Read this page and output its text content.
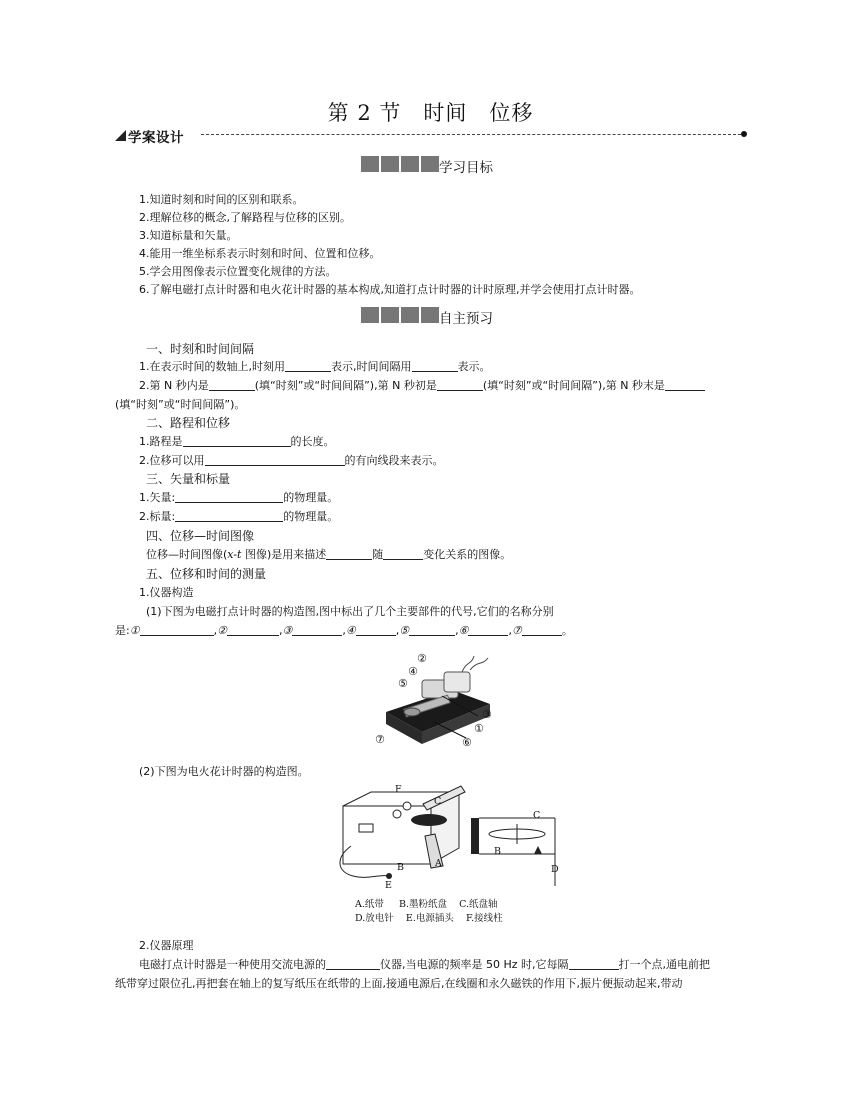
第 2 节　时间　位移
学案设计
学习目标
1.知道时刻和时间的区别和联系。
2.理解位移的概念,了解路程与位移的区别。
3.知道标量和矢量。
4.能用一维坐标系表示时刻和时间、位置和位移。
5.学会用图像表示位置变化规律的方法。
6.了解电磁打点计时器和电火花计时器的基本构成,知道打点计时器的计时原理,并学会使用打点计时器。
自主预习
一、时刻和时间间隔
1.在表示时间的数轴上,时刻用	表示,时间间隔用	表示。
2.第 N 秒内是	(填“时刻”或“时间间隔”),第 N 秒初是	(填“时刻”或“时间间隔”),第 N 秒末是
(填“时刻”或“时间间隔”)。
二、路程和位移
1.路程是	的长度。
2.位移可以用	的有向线段来表示。
三、矢量和标量
1.矢量:	的物理量。
2.标量:	的物理量。
四、位移—时间图像
位移—时间图像(x-t 图像)是用来描述	随	变化关系的图像。
五、位移和时间的测量
1.仪器构造
(1)下图为电磁打点计时器的构造图,图中标出了几个主要部件的代号,它们的名称分别
是:①	,②	,③	,④	,⑤	,⑥	,⑦	。
②
④
⑤
③
①
⑥
⑦
(2)下图为电火花计时器的构造图。
F
C
A
B
E
C
B
D
A.纸带 B.墨粉纸盘 C.纸盘轴
D.放电针 E.电源插头 F.接线柱
2.仪器原理
电磁打点计时器是一种使用交流电源的	仪器,当电源的频率是 50 Hz 时,它每隔	打一个点,通电前把
纸带穿过限位孔,再把套在轴上的复写纸压在纸带的上面,接通电源后,在线圈和永久磁铁的作用下,振片便振动起来,带动
